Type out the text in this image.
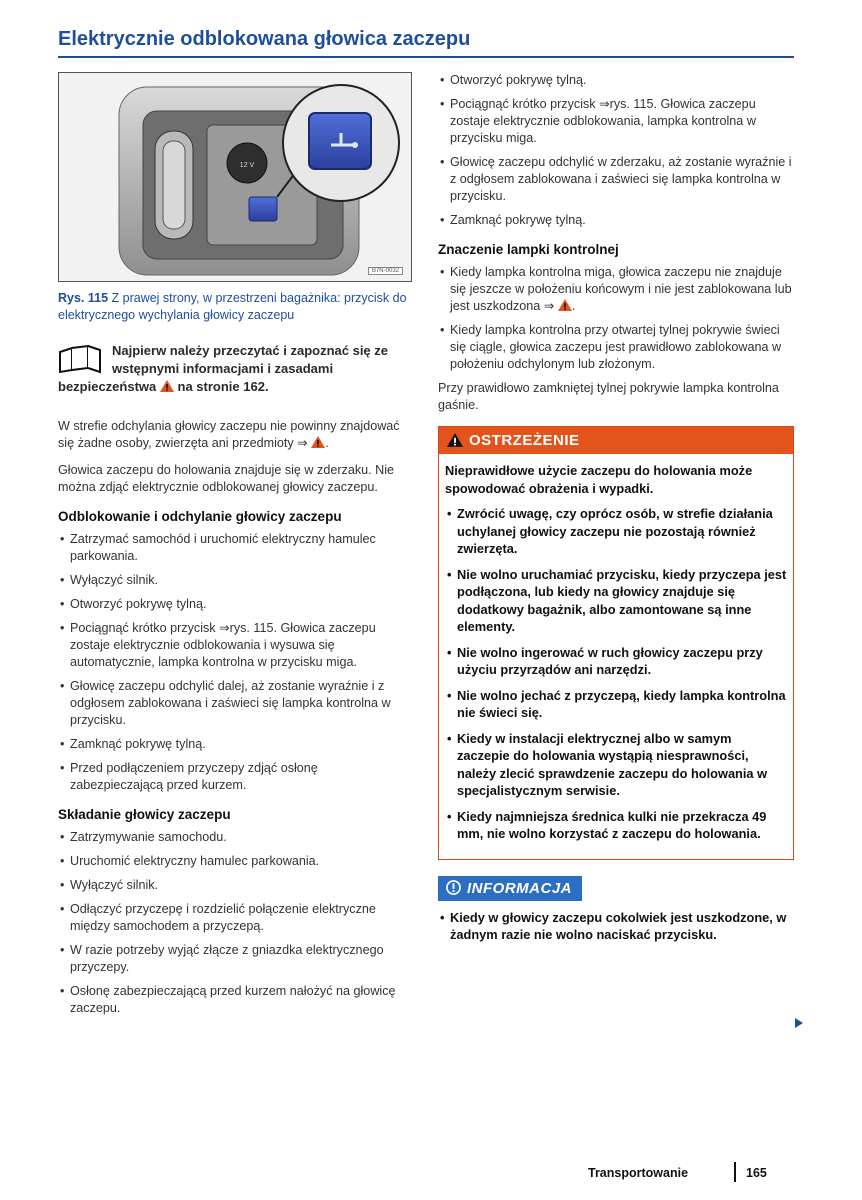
Elektrycznie odblokowana głowica zaczepu
12 V
B7N-0032
Rys. 115 Z prawej strony, w przestrzeni bagażnika: przycisk do elektrycznego wychylania głowicy zaczepu
Najpierw należy przeczytać i zapoznać się ze wstępnymi informacjami i zasadami bezpieczeństwa na stronie 162.

W strefie odchylania głowicy zaczepu nie powinny znajdować się żadne osoby, zwierzęta ani przedmioty ⇒ .

Głowica zaczepu do holowania znajduje się w zderzaku. Nie można zdjąć elektrycznie odblokowanej głowicy zaczepu.

Odblokowanie i odchylanie głowicy zaczepu
• Zatrzymać samochód i uruchomić elektryczny hamulec parkowania.
• Wyłączyć silnik.
• Otworzyć pokrywę tylną.
• Pociągnąć krótko przycisk ⇒rys. 115. Głowica zaczepu zostaje elektrycznie odblokowania i wysuwa się automatycznie, lampka kontrolna w przycisku miga.
• Głowicę zaczepu odchylić dalej, aż zostanie wyraźnie i z odgłosem zablokowana i zaświeci się lampka kontrolna w przycisku.
• Zamknąć pokrywę tylną.
• Przed podłączeniem przyczepy zdjąć osłonę zabezpieczającą przed kurzem.
Składanie głowicy zaczepu
• Zatrzymywanie samochodu.
• Uruchomić elektryczny hamulec parkowania.
• Wyłączyć silnik.
• Odłączyć przyczepę i rozdzielić połączenie elektryczne między samochodem a przyczepą.
• W razie potrzeby wyjąć złącze z gniazdka elektrycznego przyczepy.
• Osłonę zabezpieczającą przed kurzem nałożyć na głowicę zaczepu.
• Otworzyć pokrywę tylną.
• Pociągnąć krótko przycisk ⇒rys. 115. Głowica zaczepu zostaje elektrycznie odblokowania, lampka kontrolna w przycisku miga.
• Głowicę zaczepu odchylić w zderzaku, aż zostanie wyraźnie i z odgłosem zablokowana i zaświeci się lampka kontrolna w przycisku.
• Zamknąć pokrywę tylną.
Znaczenie lampki kontrolnej
• Kiedy lampka kontrolna miga, głowica zaczepu nie znajduje się jeszcze w położeniu końcowym i nie jest zablokowana lub jest uszkodzona ⇒ .
• Kiedy lampka kontrolna przy otwartej tylnej pokrywie świeci się ciągle, głowica zaczepu jest prawidłowo zablokowana w położeniu odchylonym lub złożonym.

Przy prawidłowo zamkniętej tylnej pokrywie lampka kontrolna gaśnie.

OSTRZEŻENIE

Nieprawidłowe użycie zaczepu do holowania może spowodować obrażenia i wypadki.

• Zwrócić uwagę, czy oprócz osób, w strefie działania uchylanej głowicy zaczepu nie pozostają również zwierzęta.
• Nie wolno uruchamiać przycisku, kiedy przyczepa jest podłączona, lub kiedy na głowicy znajduje się dodatkowy bagażnik, albo zamontowane są inne elementy.
• Nie wolno ingerować w ruch głowicy zaczepu przy użyciu przyrządów ani narzędzi.
• Nie wolno jechać z przyczepą, kiedy lampka kontrolna nie świeci się.
• Kiedy w instalacji elektrycznej albo w samym zaczepie do holowania wystąpią niesprawności, należy zlecić sprawdzenie zaczepu do holowania w specjalistycznym serwisie.
• Kiedy najmniejsza średnica kulki nie przekracza 49 mm, nie wolno korzystać z zaczepu do holowania.
INFORMACJA
• Kiedy w głowicy zaczepu cokolwiek jest uszkodzone, w żadnym razie nie wolno naciskać przycisku.
Transportowanie	165
